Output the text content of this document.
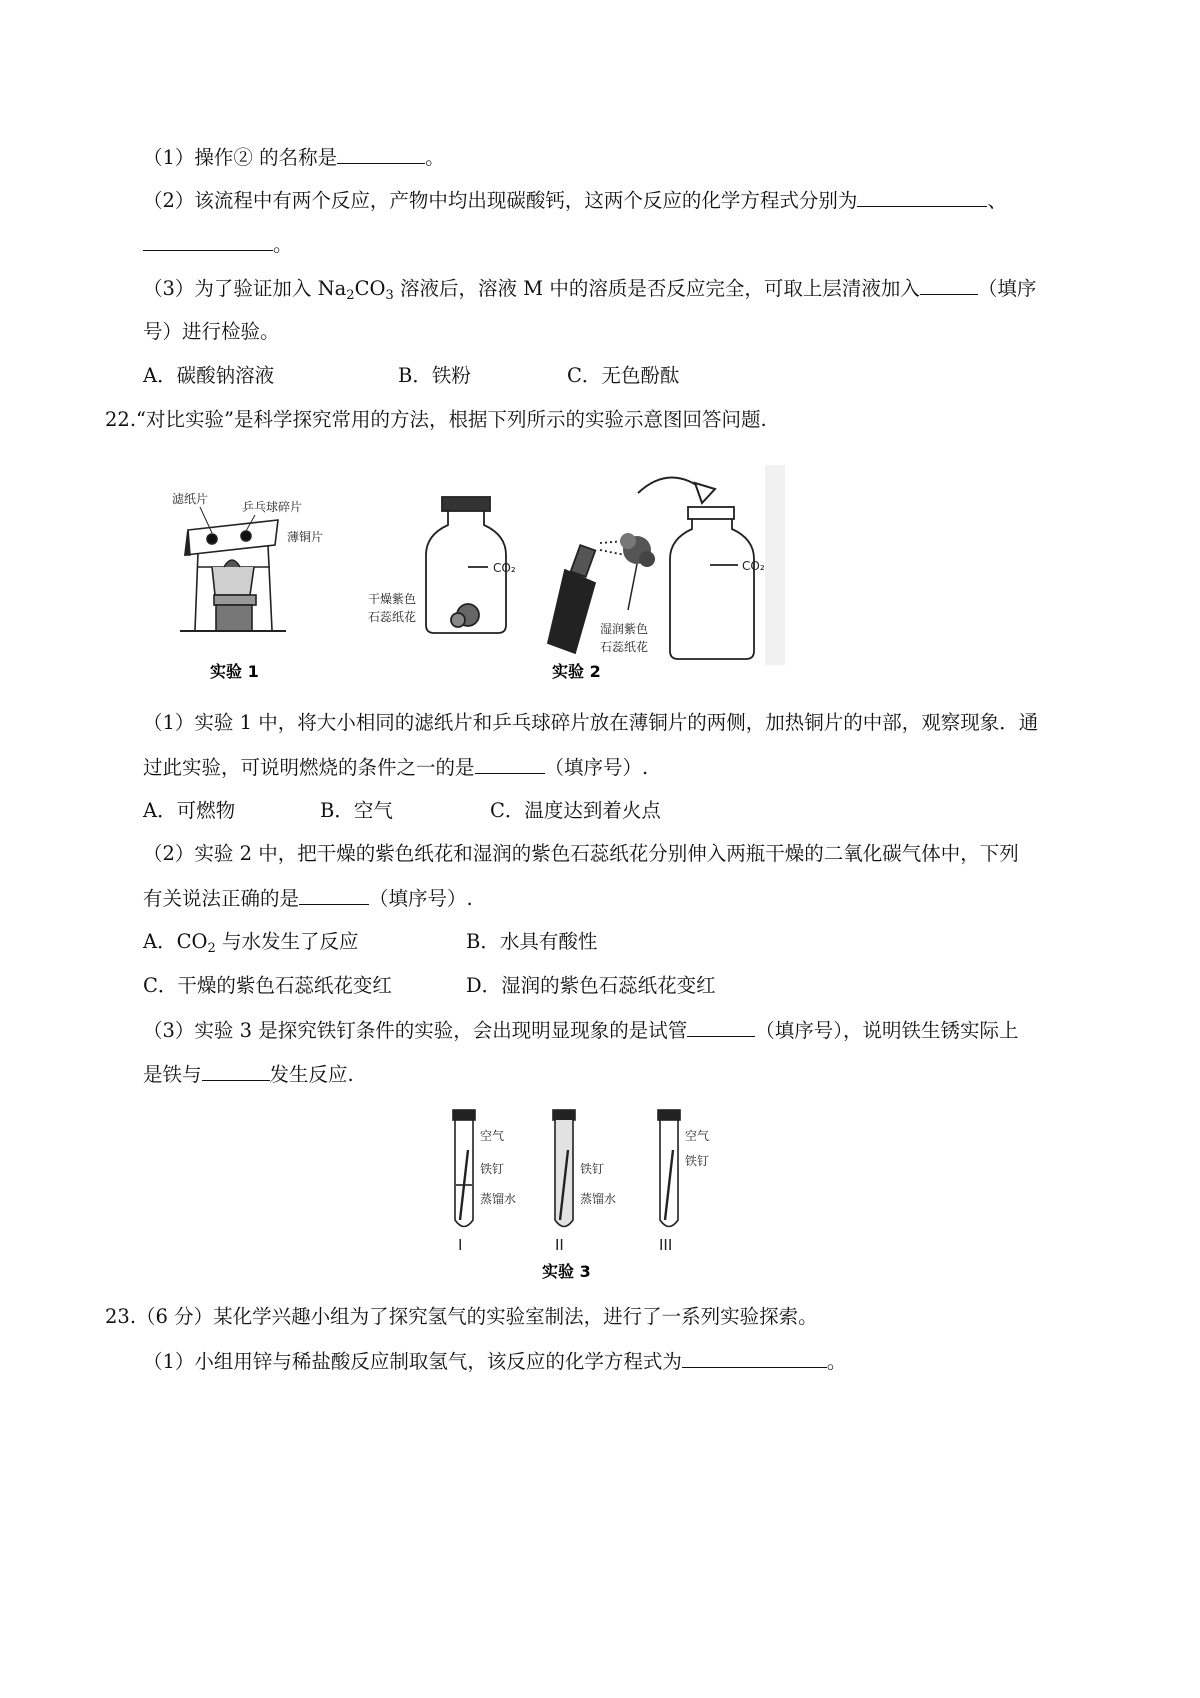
（1）操作② 的名称是	。
（2）该流程中有两个反应，产物中均出现碳酸钙，这两个反应的化学方程式分别为	、
。
（3）为了验证加入 $Na_2CO_3$ 溶液后，溶液 M 中的溶质是否反应完全，可取上层清液加入	（填序
号）进行检验。
A．碳酸钠溶液	B．铁粉	C．无色酚酞
22.“对比实验”是科学探究常用的方法，根据下列所示的实验示意图回答问题.
滤纸片
乒乓球碎片
薄铜片
实验 1
CO₂
干燥紫色
石蕊纸花
CO₂
湿润紫色
石蕊纸花
实验 2
（1）实验 1 中，将大小相同的滤纸片和乒乓球碎片放在薄铜片的两侧，加热铜片的中部，观察现象．通
过此实验，可说明燃烧的条件之一的是	（填序号）.
A．可燃物	B．空气	C．温度达到着火点
（2）实验 2 中，把干燥的紫色纸花和湿润的紫色石蕊纸花分别伸入两瓶干燥的二氧化碳气体中，下列
有关说法正确的是	（填序号）.
A．$CO_2$ 与水发生了反应	B．水具有酸性
C．干燥的紫色石蕊纸花变红	D．湿润的紫色石蕊纸花变红
（3）实验 3 是探究铁钉条件的实验，会出现明显现象的是试管	（填序号），说明铁生锈实际上
是铁与	发生反应.
空气
铁钉
蒸馏水
铁钉
蒸馏水
空气
铁钉
I	II	III
实验 3
23.（6 分）某化学兴趣小组为了探究氢气的实验室制法，进行了一系列实验探索。
（1）小组用锌与稀盐酸反应制取氢气，该反应的化学方程式为	。
